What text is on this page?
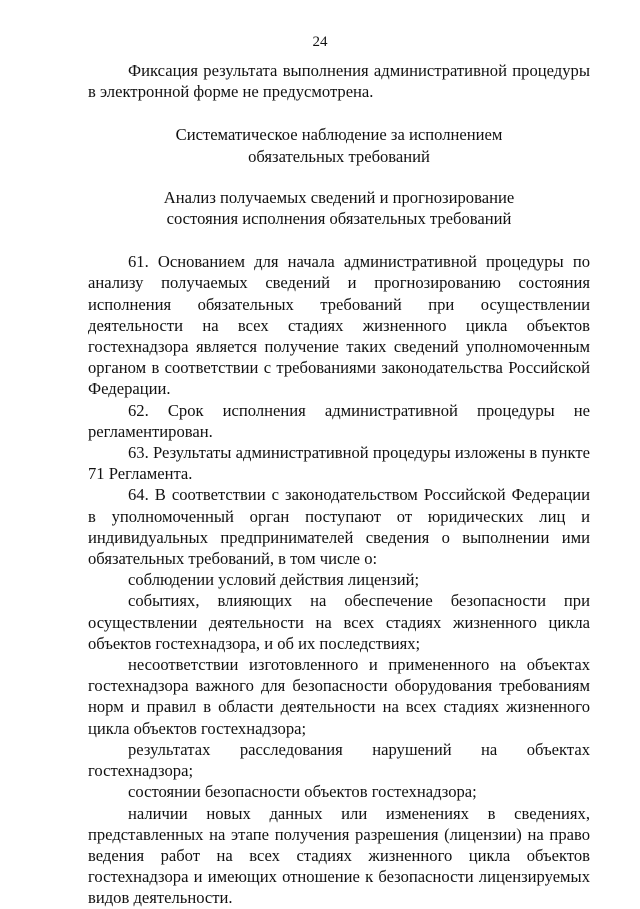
24

Фиксация результата выполнения административной процедуры в электронной форме не предусмотрена.

Систематическое наблюдение за исполнением
обязательных требований

Анализ получаемых сведений и прогнозирование
состояния исполнения обязательных требований

61. Основанием для начала административной процедуры по анализу получаемых сведений и прогнозированию состояния исполнения обязательных требований при осуществлении деятельности на всех стадиях жизненного цикла объектов гостехнадзора является получение таких сведений уполномоченным органом в соответствии с требованиями законодательства Российской Федерации.

62. Срок исполнения административной процедуры не регламентирован.

63. Результаты административной процедуры изложены в пункте 71 Регламента.

64. В соответствии с законодательством Российской Федерации в уполномоченный орган поступают от юридических лиц и индивидуальных предпринимателей сведения о выполнении ими обязательных требований, в том числе о:

соблюдении условий действия лицензий;

событиях, влияющих на обеспечение безопасности при осуществлении деятельности на всех стадиях жизненного цикла объектов гостехнадзора, и об их последствиях;

несоответствии изготовленного и примененного на объектах гостехнадзора важного для безопасности оборудования требованиям норм и правил в области деятельности на всех стадиях жизненного цикла объектов гостехнадзора;

результатах расследования нарушений на объектах гостехнадзора;

состоянии безопасности объектов гостехнадзора;

наличии новых данных или изменениях в сведениях, представленных на этапе получения разрешения (лицензии) на право ведения работ на всех стадиях жизненного цикла объектов гостехнадзора и имеющих отношение к безопасности лицензируемых видов деятельности.
